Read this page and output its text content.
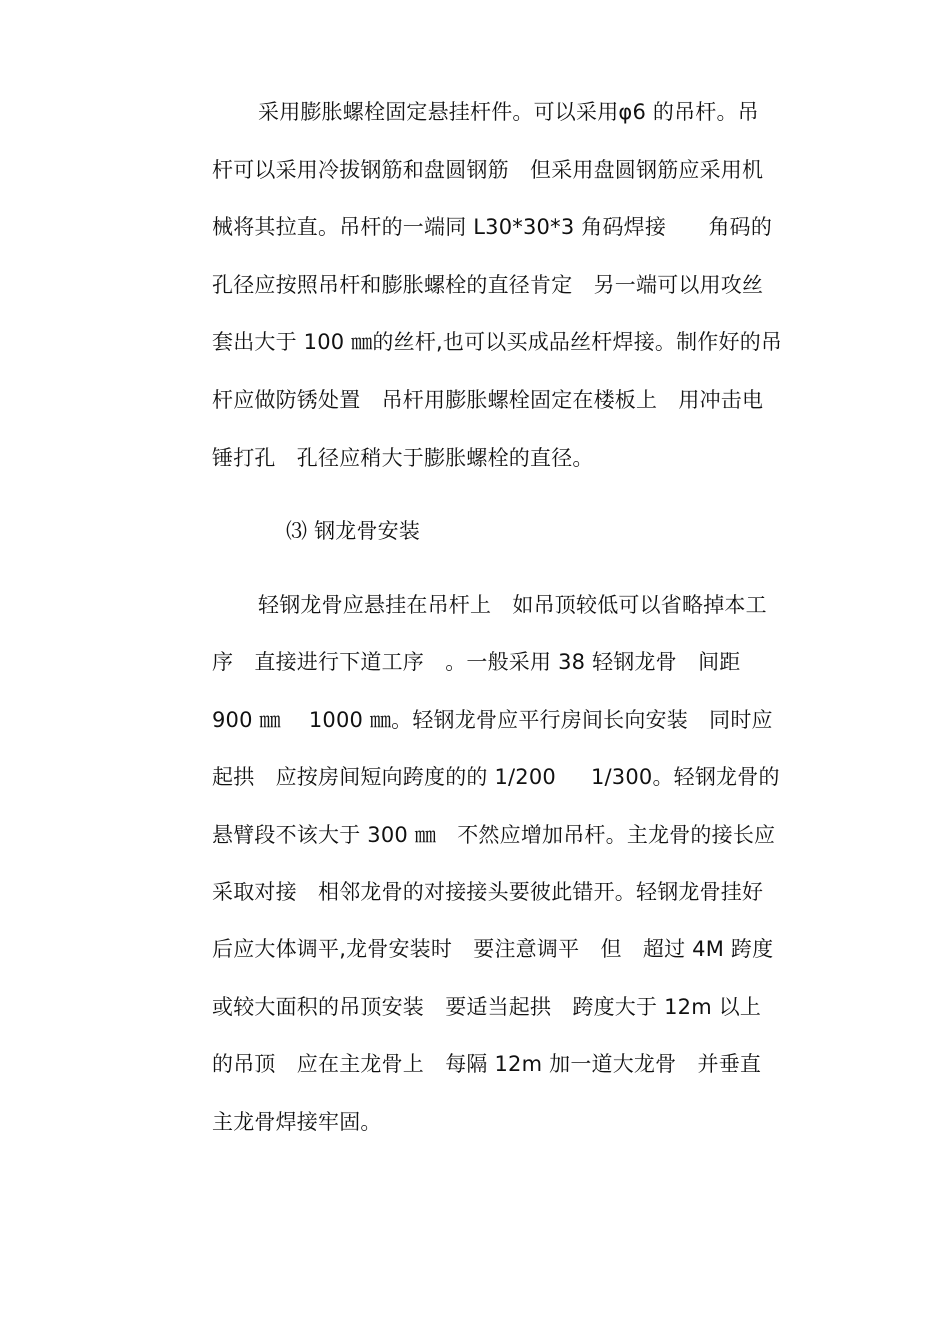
采用膨胀螺栓固定悬挂杆件。可以采用φ6 的吊杆。吊
杆可以采用冷拔钢筋和盘圆钢筋　但采用盘圆钢筋应采用机
械将其拉直。吊杆的一端同 L30*30*3 角码焊接　　角码的
孔径应按照吊杆和膨胀螺栓的直径肯定　另一端可以用攻丝
套出大于 100 ㎜的丝杆,也可以买成品丝杆焊接。制作好的吊
杆应做防锈处置　吊杆用膨胀螺栓固定在楼板上　用冲击电
锤打孔　孔径应稍大于膨胀螺栓的直径。
⑶ 钢龙骨安装
轻钢龙骨应悬挂在吊杆上　如吊顶较低可以省略掉本工
序　直接进行下道工序　。一般采用 38 轻钢龙骨　间距
900 ㎜　 1000 ㎜。轻钢龙骨应平行房间长向安装　同时应
起拱　应按房间短向跨度的的 1/200 　 1/300。轻钢龙骨的
悬臂段不该大于 300 ㎜　不然应增加吊杆。主龙骨的接长应
采取对接　相邻龙骨的对接接头要彼此错开。轻钢龙骨挂好
后应大体调平,龙骨安装时　要注意调平　但　超过 4M 跨度
或较大面积的吊顶安装　要适当起拱　跨度大于 12m 以上
的吊顶　应在主龙骨上　每隔 12m 加一道大龙骨　并垂直
主龙骨焊接牢固。
